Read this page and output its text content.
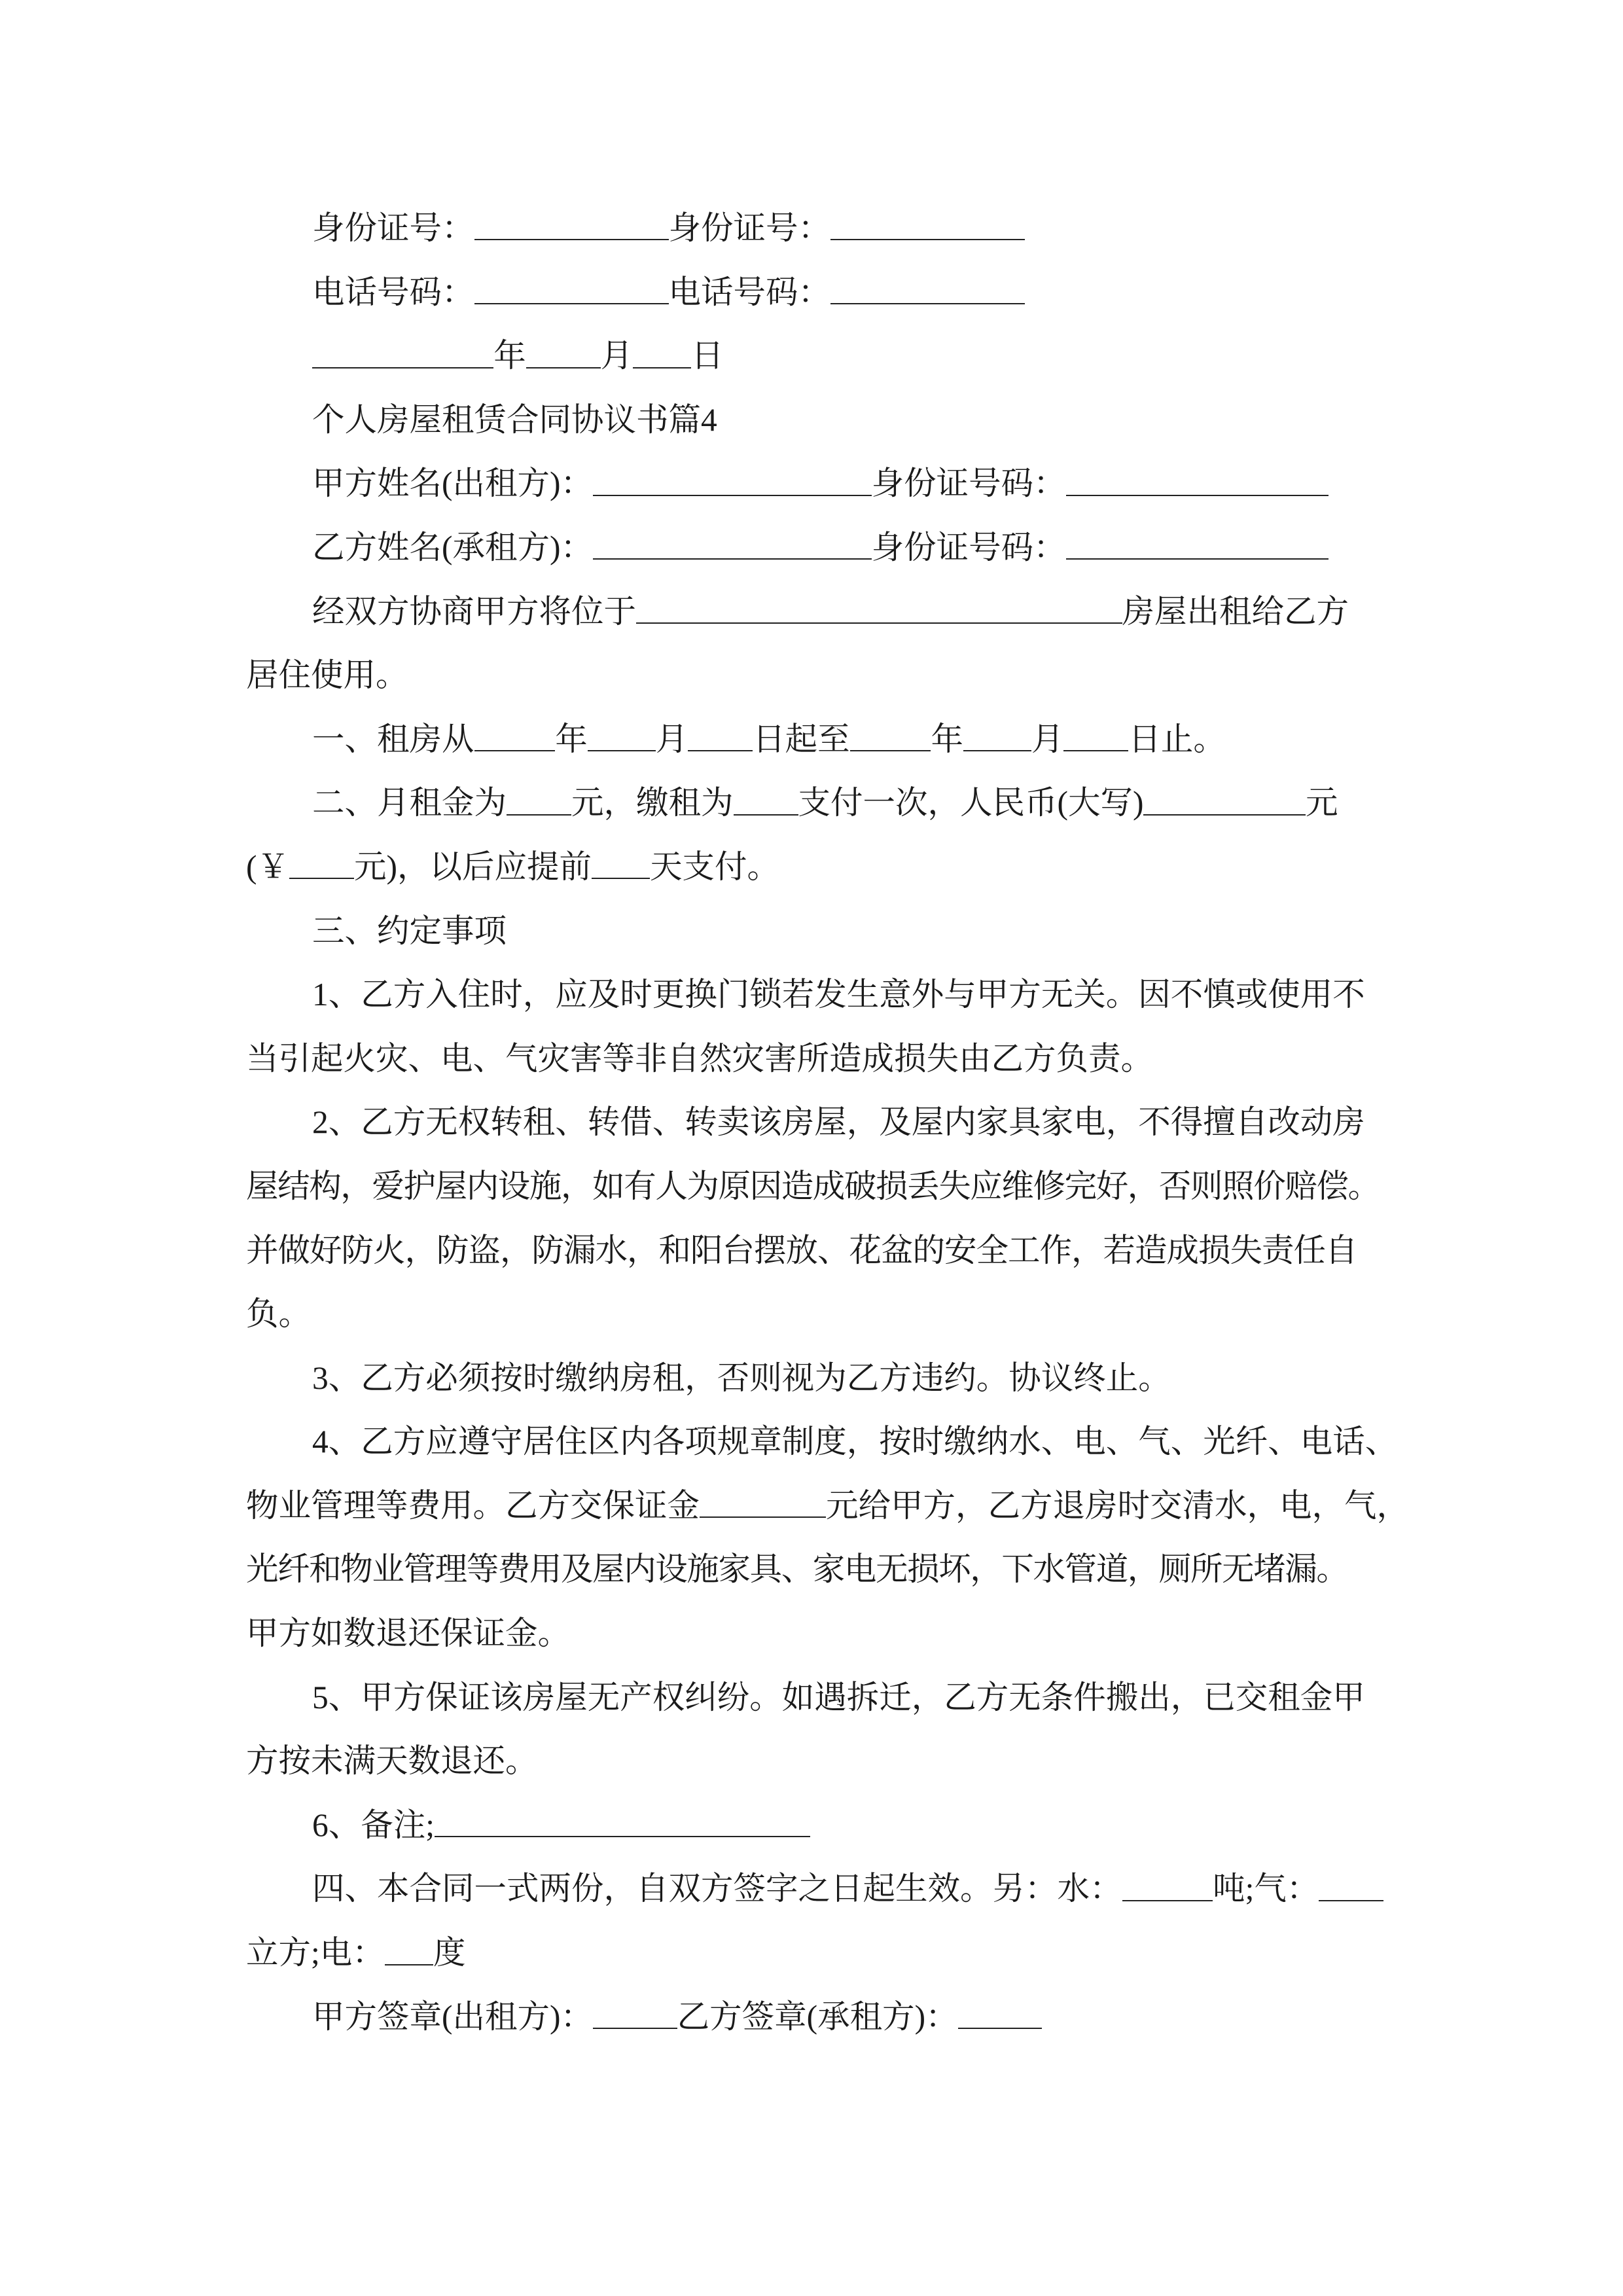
身份证号：	身份证号：
电话号码：	电话号码：
年 月 日
个人房屋租赁合同协议书篇4
甲方姓名(出租方)：	身份证号码：
乙方姓名(承租方)：	身份证号码：
经双方协商甲方将位于	房屋出租给乙方
居住使用。
一、租房从	年 月 日起至	年 月 日止。
二、月租金为 元，缴租为 支付一次，人民币(大写)	元
(￥ 元)，以后应提前 天支付。
三、约定事项
1、乙方入住时，应及时更换门锁若发生意外与甲方无关。因不慎或使用不
当引起火灾、电、气灾害等非自然灾害所造成损失由乙方负责。
2、乙方无权转租、转借、转卖该房屋，及屋内家具家电，不得擅自改动房
屋结构，爱护屋内设施，如有人为原因造成破损丢失应维修完好，否则照价赔偿。
并做好防火，防盗，防漏水，和阳台摆放、花盆的安全工作，若造成损失责任自
负。
3、乙方必须按时缴纳房租，否则视为乙方违约。协议终止。
4、乙方应遵守居住区内各项规章制度，按时缴纳水、电、气、光纤、电话、
物业管理等费用。乙方交保证金	元给甲方，乙方退房时交清水，电，气，
光纤和物业管理等费用及屋内设施家具、家电无损坏，下水管道，厕所无堵漏。
甲方如数退还保证金。
5、甲方保证该房屋无产权纠纷。如遇拆迁，乙方无条件搬出，已交租金甲
方按未满天数退还。
6、备注;
四、本合同一式两份，自双方签字之日起生效。另：水：	吨;气：
立方;电： 度
甲方签章(出租方)：	乙方签章(承租方)：
